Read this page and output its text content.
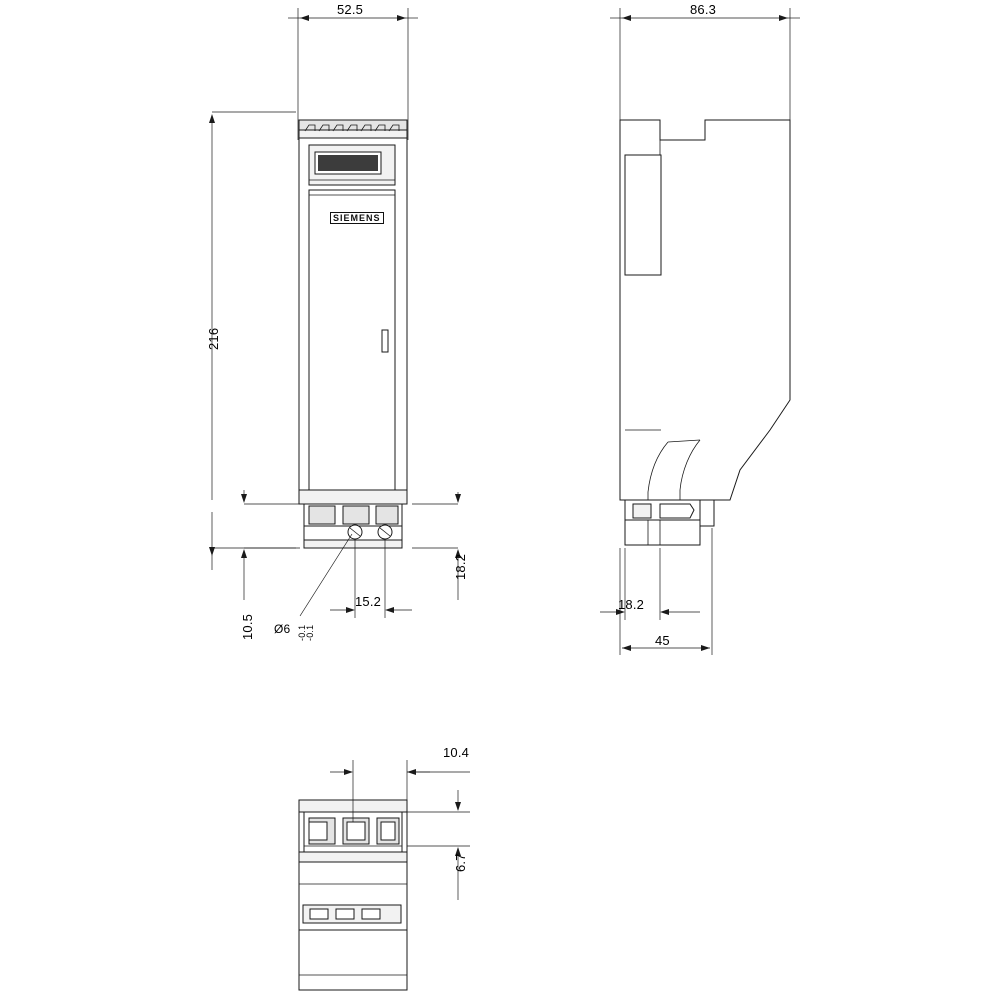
52.5
216
10.5
18.2
15.2
Ø6 -0.1
-0.1
86.3
18.2
45
10.4
6.7
SIEMENS
